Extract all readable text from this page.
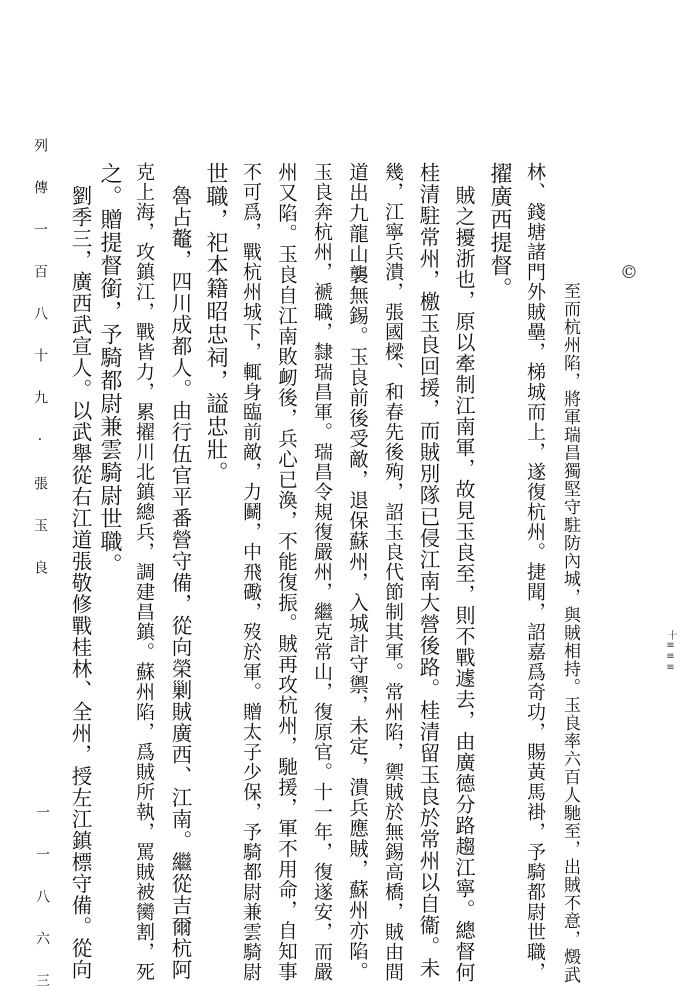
至而杭州陷，將軍瑞昌獨堅守駐防內城，與賊相持。玉良率六百人馳至，出賊不意，燬武
林、錢塘諸門外賊壘，梯城而上，遂復杭州。捷聞，詔嘉爲奇功，賜黃馬褂，予騎都尉世職，
擢廣西提督。
賊之擾浙也，原以牽制江南軍，故見玉良至，則不戰遽去，由廣德分路趨江寧。總督何
桂清駐常州，檄玉良回援，而賊別隊已侵江南大營後路。桂清留玉良於常州以自衞。未
幾，江寧兵潰，張國樑、和春先後殉，詔玉良代節制其軍。常州陷，禦賊於無錫高橋，賊由間
道出九龍山襲無錫。玉良前後受敵，退保蘇州，入城計守禦，未定，潰兵應賊，蘇州亦陷。
玉良奔杭州，褫職，隸瑞昌軍。瑞昌令規復嚴州，繼克常山，復原官。十一年，復遂安，而嚴
州又陷。玉良自江南敗衂後，兵心已渙，不能復振。賊再攻杭州，馳援，軍不用命，自知事
不可爲，戰杭州城下，輒身臨前敵，力鬭，中飛礮，歿於軍。贈太子少保，予騎都尉兼雲騎尉
世職，祀本籍昭忠祠，謚忠壯。
魯占鼇，四川成都人。由行伍官平番營守備，從向榮剿賊廣西、江南。繼從吉爾杭阿
克上海，攻鎮江，戰皆力，累擢川北鎮總兵，調建昌鎮。蘇州陷，爲賊所執，罵賊被臠割，死
之。贈提督銜，予騎都尉兼雲騎尉世職。
劉季三，廣西武宣人。以武舉從右江道張敬修戰桂林、全州，授左江鎮標守備。從向
列 傳 一 百 八 十 九 · 張 玉 良
一 一 八 六 三
©
十≡≡≡
